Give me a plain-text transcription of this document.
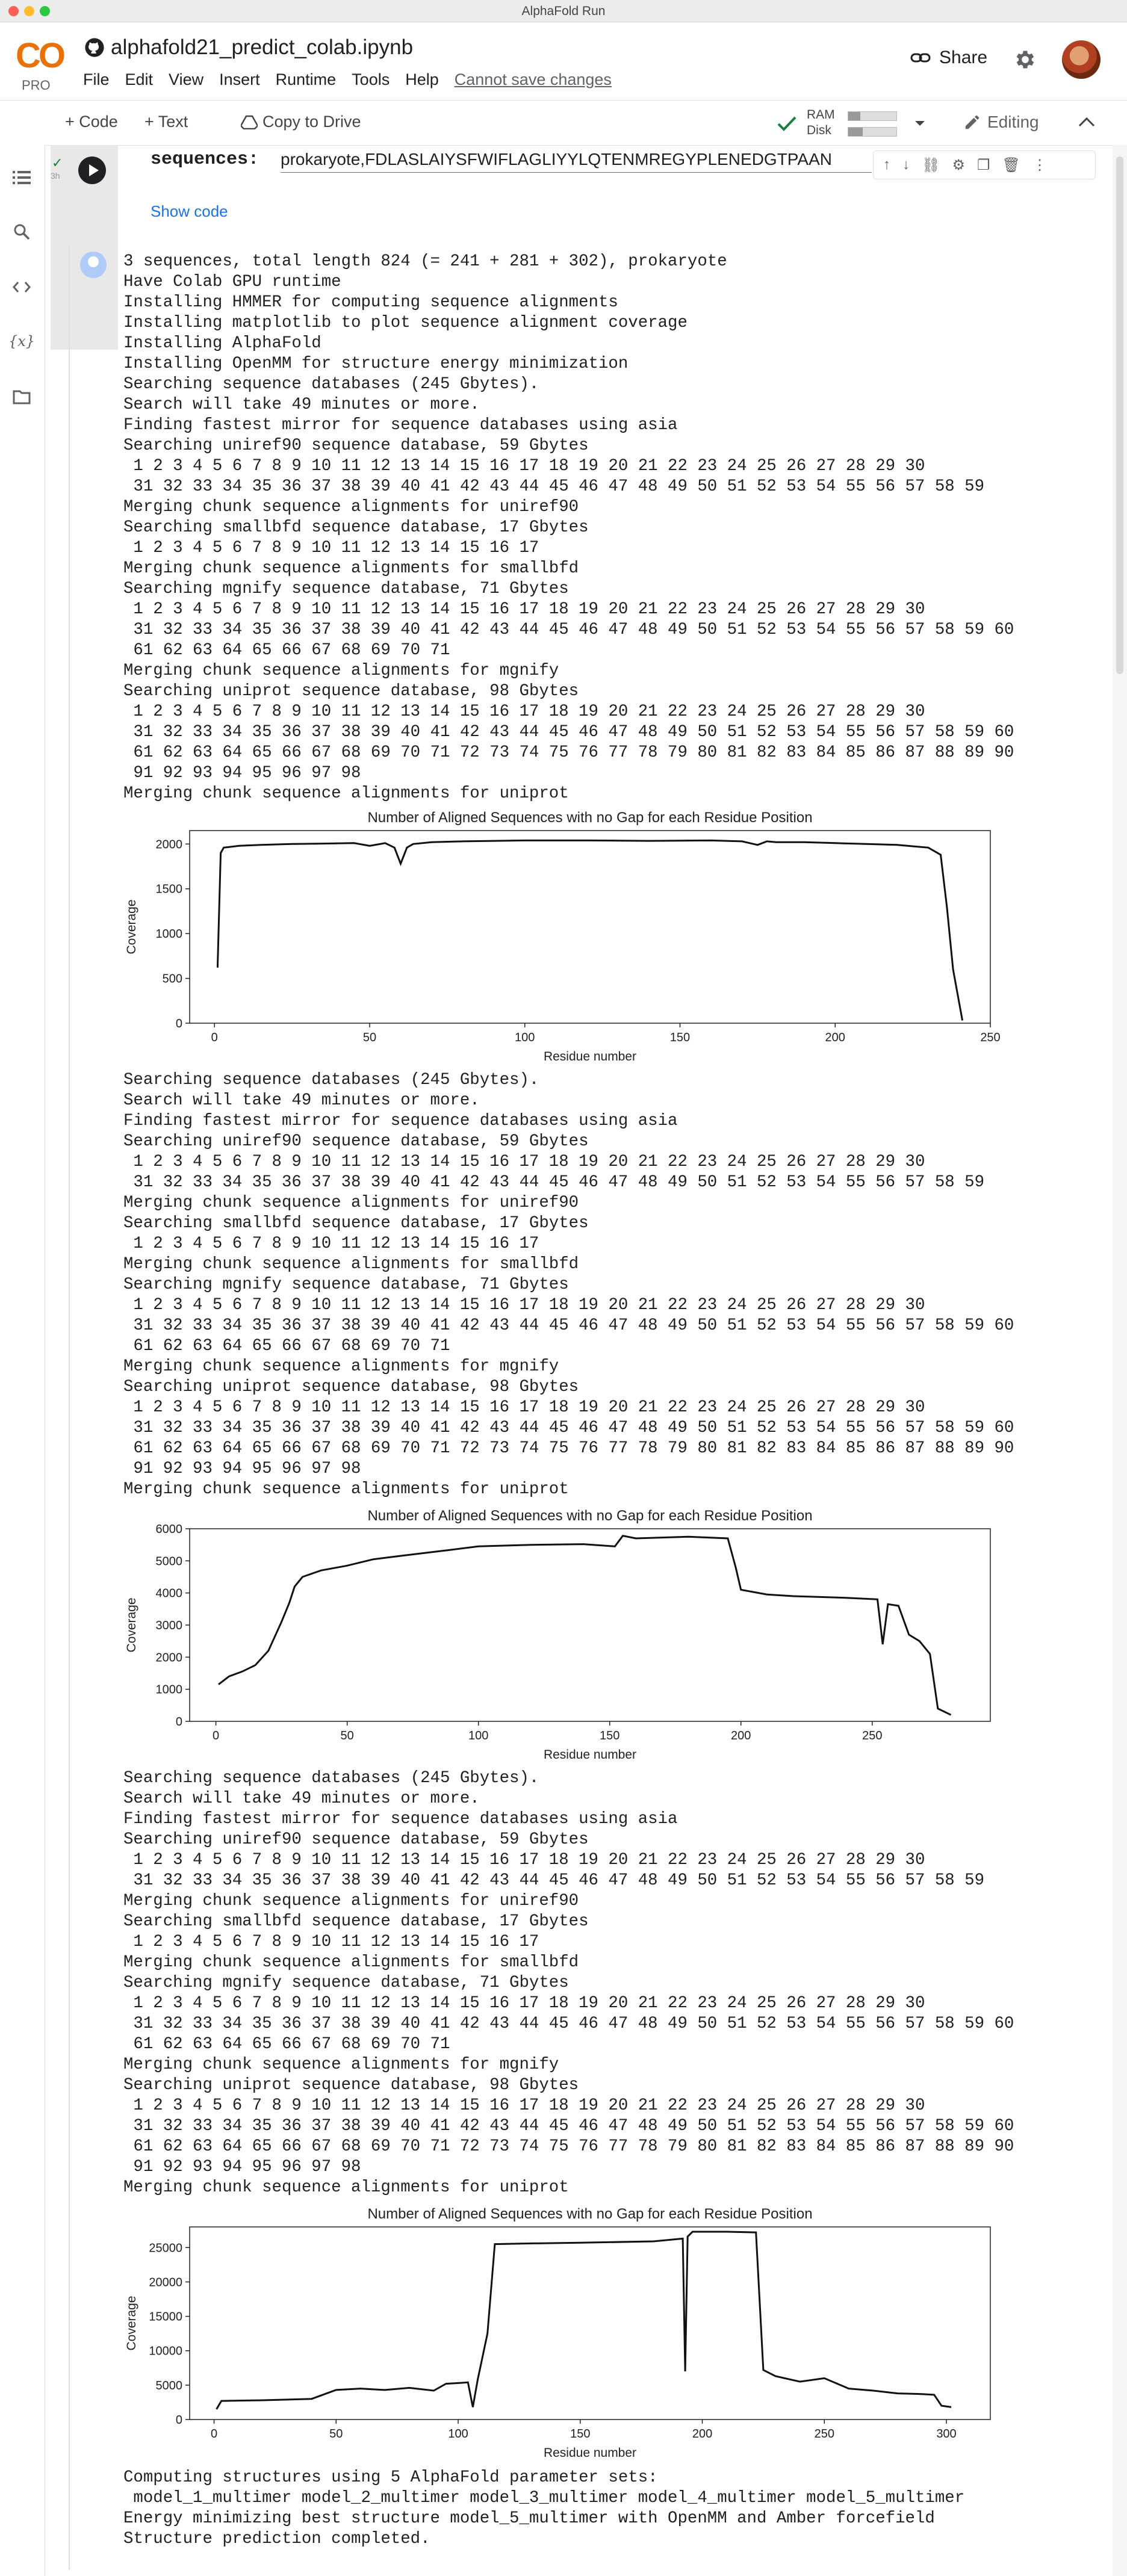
AlphaFold Run
CO
PRO
alphafold21_predict_colab.ipynb
File Edit View Insert Runtime Tools Help Cannot save changes
Share
+ Code + Text	Copy to Drive	RAM
Disk	Editing
{x}
✓
3h
sequences: prokaryote,FDLASLAIYSFWIFLAGLIYYLQTENMREGYPLENEDGTPAAN	↑ ↓ ⛓ ⚙ ❐ 🗑 ⋮
Show code
3 sequences, total length 824 (= 241 + 281 + 302), prokaryote
Have Colab GPU runtime
Installing HMMER for computing sequence alignments
Installing matplotlib to plot sequence alignment coverage
Installing AlphaFold
Installing OpenMM for structure energy minimization
Searching sequence databases (245 Gbytes).
Search will take 49 minutes or more.
Finding fastest mirror for sequence databases using asia
Searching uniref90 sequence database, 59 Gbytes
1 2 3 4 5 6 7 8 9 10 11 12 13 14 15 16 17 18 19 20 21 22 23 24 25 26 27 28 29 30
31 32 33 34 35 36 37 38 39 40 41 42 43 44 45 46 47 48 49 50 51 52 53 54 55 56 57 58 59
Merging chunk sequence alignments for uniref90
Searching smallbfd sequence database, 17 Gbytes
1 2 3 4 5 6 7 8 9 10 11 12 13 14 15 16 17
Merging chunk sequence alignments for smallbfd
Searching mgnify sequence database, 71 Gbytes
1 2 3 4 5 6 7 8 9 10 11 12 13 14 15 16 17 18 19 20 21 22 23 24 25 26 27 28 29 30
31 32 33 34 35 36 37 38 39 40 41 42 43 44 45 46 47 48 49 50 51 52 53 54 55 56 57 58 59 60
61 62 63 64 65 66 67 68 69 70 71
Merging chunk sequence alignments for mgnify
Searching uniprot sequence database, 98 Gbytes
1 2 3 4 5 6 7 8 9 10 11 12 13 14 15 16 17 18 19 20 21 22 23 24 25 26 27 28 29 30
31 32 33 34 35 36 37 38 39 40 41 42 43 44 45 46 47 48 49 50 51 52 53 54 55 56 57 58 59 60
61 62 63 64 65 66 67 68 69 70 71 72 73 74 75 76 77 78 79 80 81 82 83 84 85 86 87 88 89 90
91 92 93 94 95 96 97 98
Merging chunk sequence alignments for uniprot
Number of Aligned Sequences with no Gap for each Residue Position
0	50	100	150	200	250
0
500
1000
1500
2000
Residue number
Coverage
Searching sequence databases (245 Gbytes).
Search will take 49 minutes or more.
Finding fastest mirror for sequence databases using asia
Searching uniref90 sequence database, 59 Gbytes
1 2 3 4 5 6 7 8 9 10 11 12 13 14 15 16 17 18 19 20 21 22 23 24 25 26 27 28 29 30
31 32 33 34 35 36 37 38 39 40 41 42 43 44 45 46 47 48 49 50 51 52 53 54 55 56 57 58 59
Merging chunk sequence alignments for uniref90
Searching smallbfd sequence database, 17 Gbytes
1 2 3 4 5 6 7 8 9 10 11 12 13 14 15 16 17
Merging chunk sequence alignments for smallbfd
Searching mgnify sequence database, 71 Gbytes
1 2 3 4 5 6 7 8 9 10 11 12 13 14 15 16 17 18 19 20 21 22 23 24 25 26 27 28 29 30
31 32 33 34 35 36 37 38 39 40 41 42 43 44 45 46 47 48 49 50 51 52 53 54 55 56 57 58 59 60
61 62 63 64 65 66 67 68 69 70 71
Merging chunk sequence alignments for mgnify
Searching uniprot sequence database, 98 Gbytes
1 2 3 4 5 6 7 8 9 10 11 12 13 14 15 16 17 18 19 20 21 22 23 24 25 26 27 28 29 30
31 32 33 34 35 36 37 38 39 40 41 42 43 44 45 46 47 48 49 50 51 52 53 54 55 56 57 58 59 60
61 62 63 64 65 66 67 68 69 70 71 72 73 74 75 76 77 78 79 80 81 82 83 84 85 86 87 88 89 90
91 92 93 94 95 96 97 98
Merging chunk sequence alignments for uniprot
Number of Aligned Sequences with no Gap for each Residue Position
0	50	100	150	200	250
0
1000
2000
3000
4000
5000
6000
Residue number
Coverage
Searching sequence databases (245 Gbytes).
Search will take 49 minutes or more.
Finding fastest mirror for sequence databases using asia
Searching uniref90 sequence database, 59 Gbytes
1 2 3 4 5 6 7 8 9 10 11 12 13 14 15 16 17 18 19 20 21 22 23 24 25 26 27 28 29 30
31 32 33 34 35 36 37 38 39 40 41 42 43 44 45 46 47 48 49 50 51 52 53 54 55 56 57 58 59
Merging chunk sequence alignments for uniref90
Searching smallbfd sequence database, 17 Gbytes
1 2 3 4 5 6 7 8 9 10 11 12 13 14 15 16 17
Merging chunk sequence alignments for smallbfd
Searching mgnify sequence database, 71 Gbytes
1 2 3 4 5 6 7 8 9 10 11 12 13 14 15 16 17 18 19 20 21 22 23 24 25 26 27 28 29 30
31 32 33 34 35 36 37 38 39 40 41 42 43 44 45 46 47 48 49 50 51 52 53 54 55 56 57 58 59 60
61 62 63 64 65 66 67 68 69 70 71
Merging chunk sequence alignments for mgnify
Searching uniprot sequence database, 98 Gbytes
1 2 3 4 5 6 7 8 9 10 11 12 13 14 15 16 17 18 19 20 21 22 23 24 25 26 27 28 29 30
31 32 33 34 35 36 37 38 39 40 41 42 43 44 45 46 47 48 49 50 51 52 53 54 55 56 57 58 59 60
61 62 63 64 65 66 67 68 69 70 71 72 73 74 75 76 77 78 79 80 81 82 83 84 85 86 87 88 89 90
91 92 93 94 95 96 97 98
Merging chunk sequence alignments for uniprot
Number of Aligned Sequences with no Gap for each Residue Position
0	50	100	150	200	250	300
0
5000
10000
15000
20000
25000
Residue number
Coverage
Computing structures using 5 AlphaFold parameter sets:
model_1_multimer model_2_multimer model_3_multimer model_4_multimer model_5_multimer
Energy minimizing best structure model_5_multimer with OpenMM and Amber forcefield
Structure prediction completed.
